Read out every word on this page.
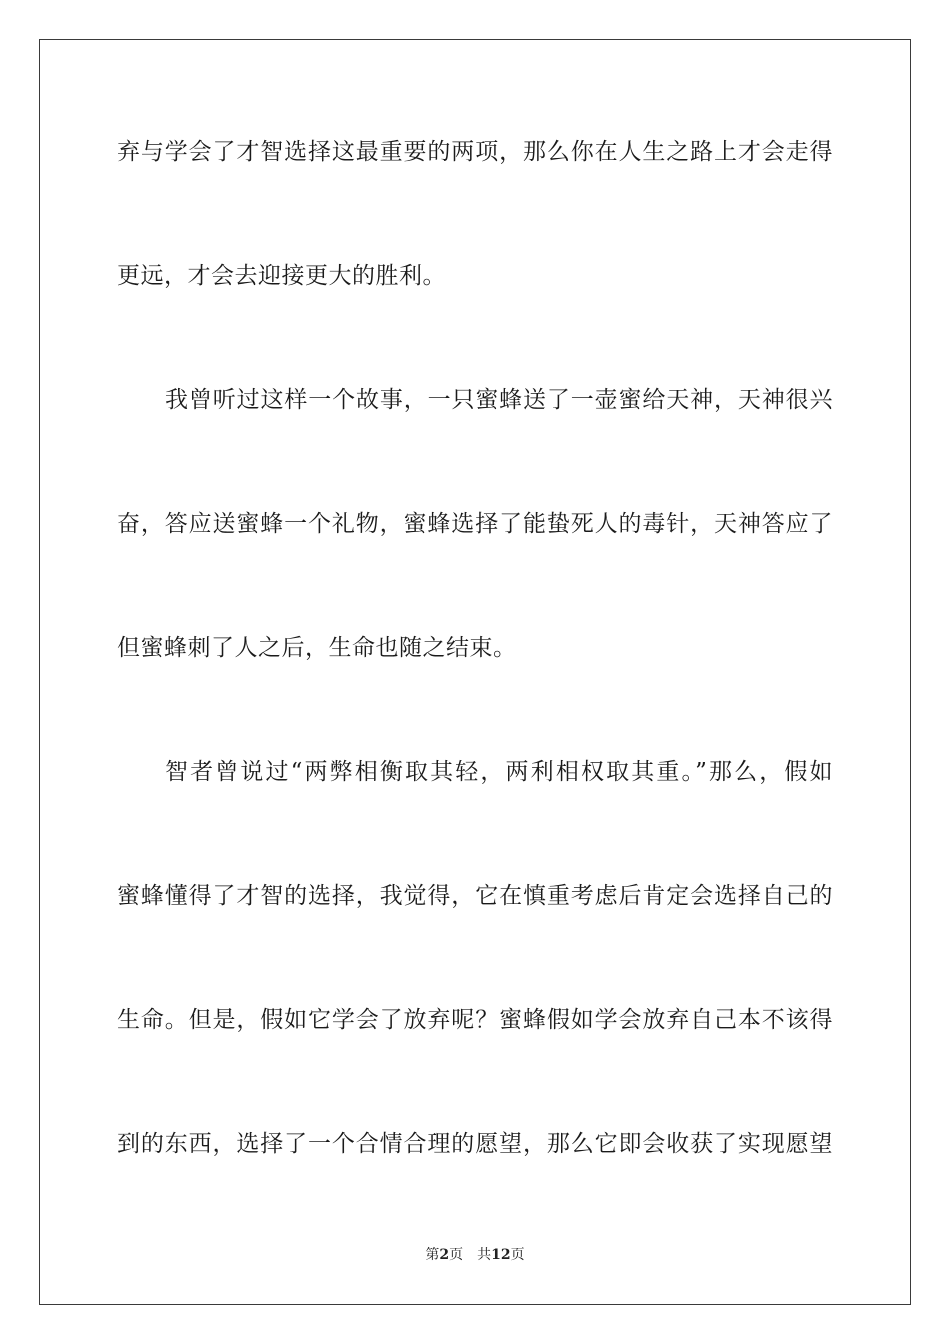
弃与学会了才智选择这最重要的两项，那么你在人生之路上才会走得
更远，才会去迎接更大的胜利。
我曾听过这样一个故事，一只蜜蜂送了一壶蜜给天神，天神很兴
奋，答应送蜜蜂一个礼物，蜜蜂选择了能蛰死人的毒针，天神答应了
但蜜蜂刺了人之后，生命也随之结束。
智者曾说过“两弊相衡取其轻，两利相权取其重。”那么，假如
蜜蜂懂得了才智的选择，我觉得，它在慎重考虑后肯定会选择自己的
生命。但是，假如它学会了放弃呢？蜜蜂假如学会放弃自己本不该得
到的东西，选择了一个合情合理的愿望，那么它即会收获了实现愿望
第2页 共12页
